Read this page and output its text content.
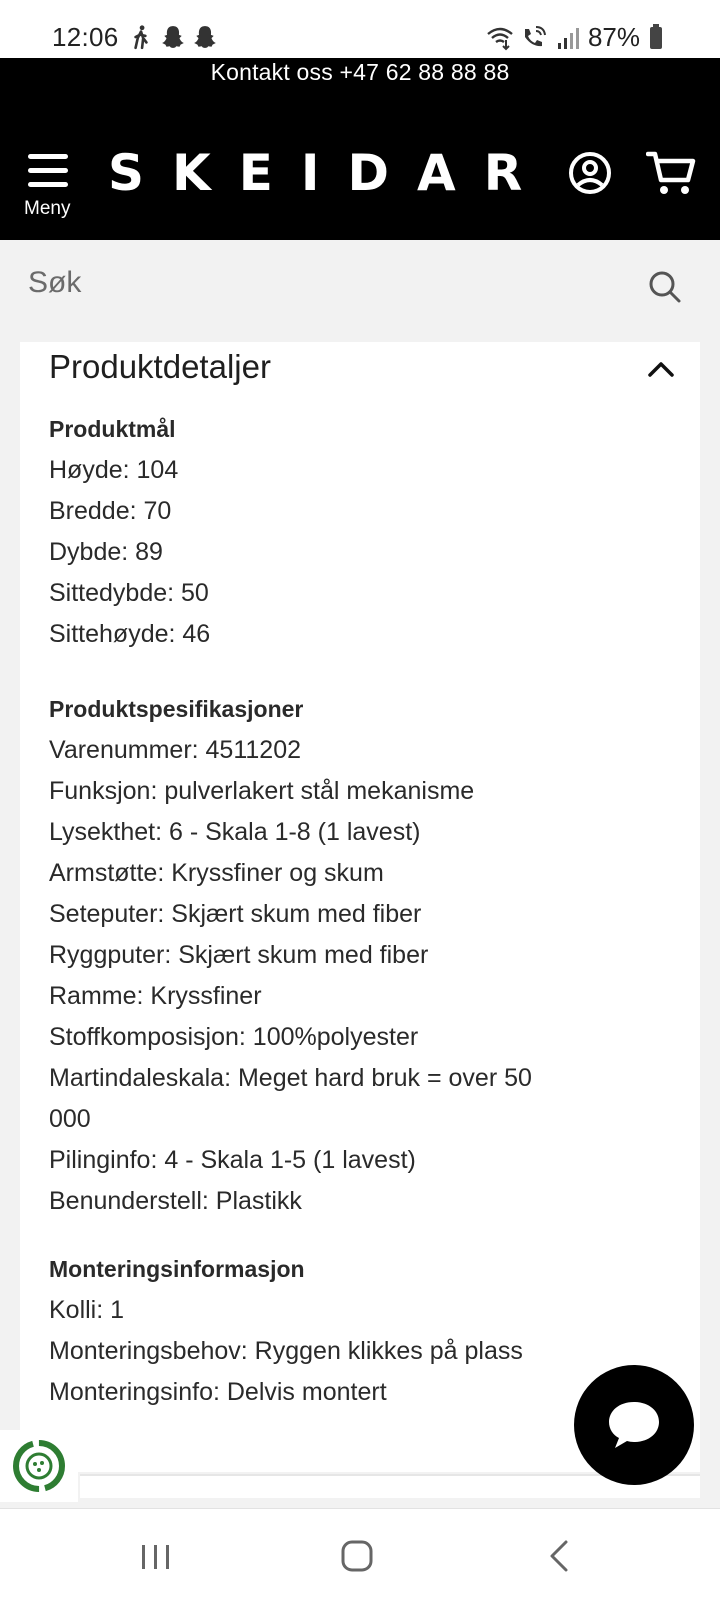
12:06	87%
Kontakt oss +47 62 88 88 88
Meny
SKEIDAR
Søk
Produktdetaljer
Produktmål
Høyde: 104
Bredde: 70
Dybde: 89
Sittedybde: 50
Sittehøyde: 46
Produktspesifikasjoner
Varenummer: 4511202
Funksjon: pulverlakert stål mekanisme
Lysekthet: 6 - Skala 1-8 (1 lavest)
Armstøtte: Kryssfiner og skum
Seteputer: Skjært skum med fiber
Ryggputer: Skjært skum med fiber
Ramme: Kryssfiner
Stoffkomposisjon: 100%polyester
Martindaleskala: Meget hard bruk = over 50
000
Pilinginfo: 4 - Skala 1-5 (1 lavest)
Benunderstell: Plastikk
Monteringsinformasjon
Kolli: 1
Monteringsbehov: Ryggen klikkes på plass
Monteringsinfo: Delvis montert
